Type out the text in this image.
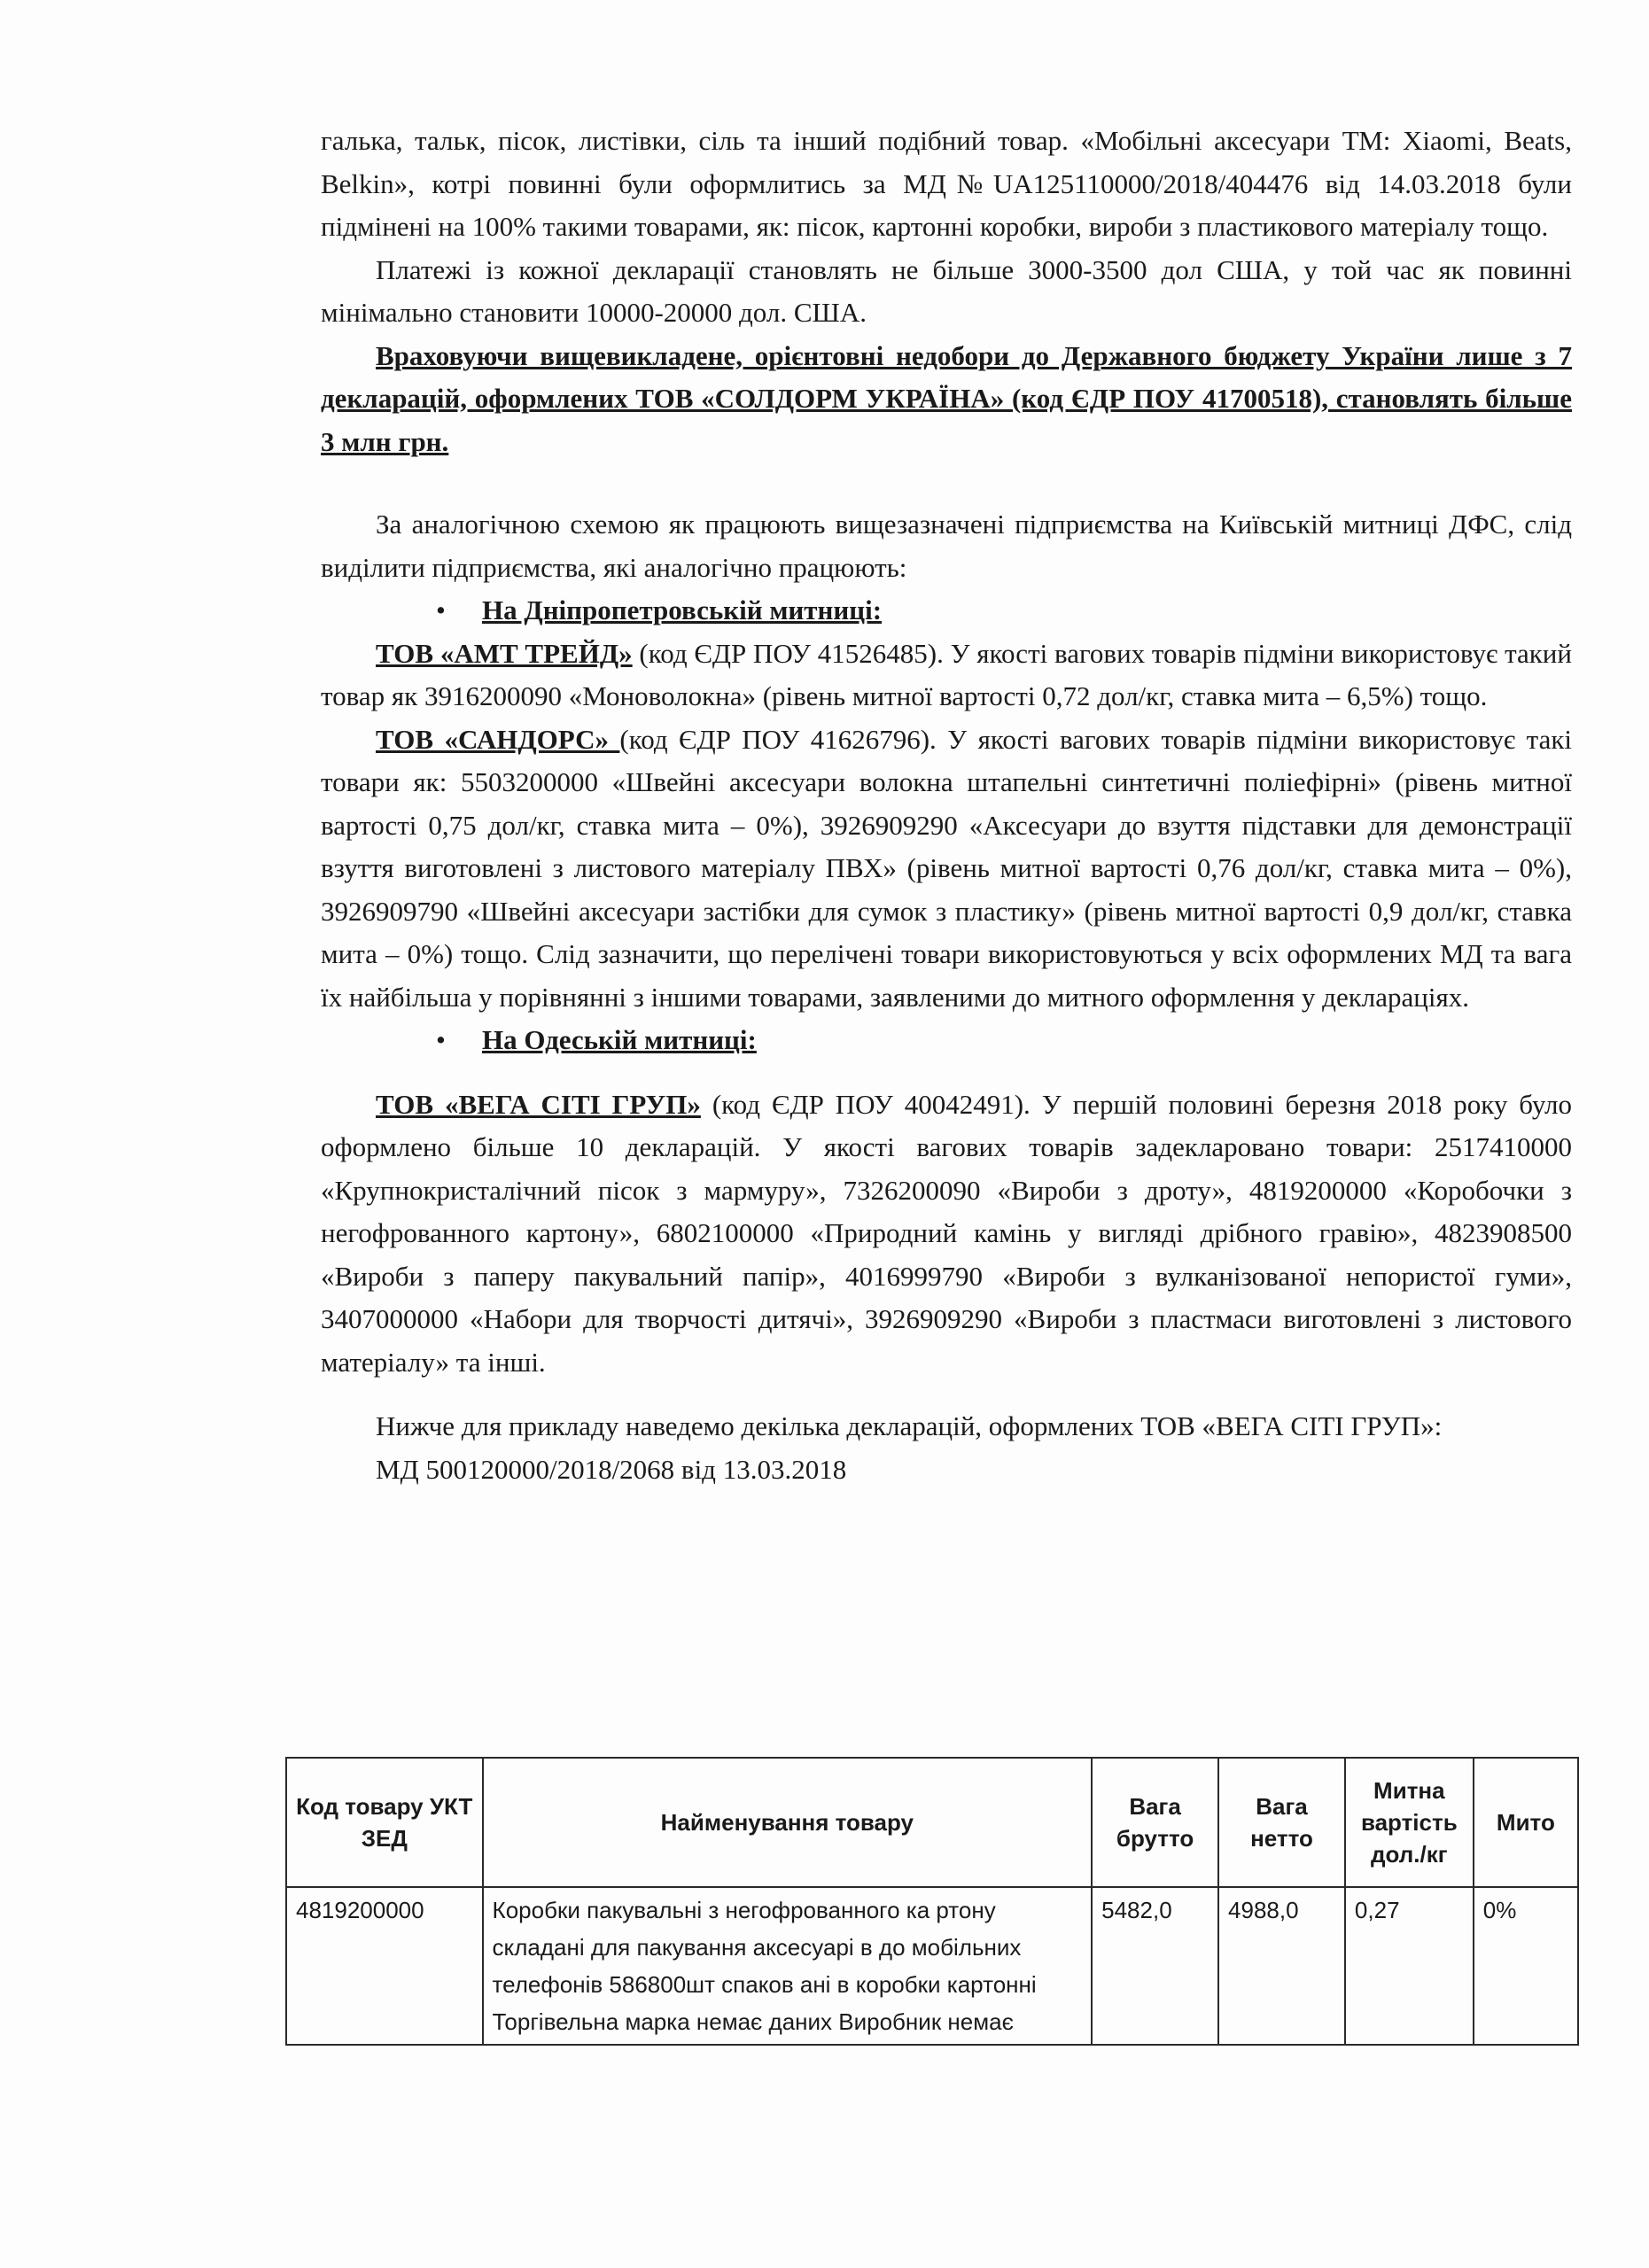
галька, тальк, пісок, листівки, сіль та інший подібний товар. «Мобільні аксесуари ТМ: Xiaomi, Beats, Belkin», котрі повинні були оформлитись за МД№UA125110000/2018/404476 від 14.03.2018 були підмінені на 100% такими товарами, як: пісок, картонні коробки, вироби з пластикового матеріалу тощо.

Платежі із кожної декларації становлять не більше 3000-3500 дол США, у той час як повинні мінімально становити 10000-20000 дол. США.

Враховуючи вищевикладене, орієнтовні недобори до Державного бюджету України лише з 7 декларацій, оформлених ТОВ «СОЛДОРМ УКРАЇНА» (код ЄДР ПОУ 41700518), становлять більше 3 млн грн.

За аналогічною схемою як працюють вищезазначені підприємства на Київській митниці ДФС, слід виділити підприємства, які аналогічно працюють:

•	На Дніпропетровській митниці:

ТОВ «АМТ ТРЕЙД» (код ЄДР ПОУ 41526485). У якості вагових товарів підміни використовує такий товар як 3916200090 «Моноволокна» (рівень митної вартості 0,72 дол/кг, ставка мита – 6,5%) тощо.

ТОВ «САНДОРС» (код ЄДР ПОУ 41626796). У якості вагових товарів підміни використовує такі товари як: 5503200000 «Швейні аксесуари волокна штапельні синтетичні поліефірні» (рівень митної вартості 0,75 дол/кг, ставка мита – 0%), 3926909290 «Аксесуари до взуття підставки для демонстрації взуття виготовлені з листового матеріалу ПВХ» (рівень митної вартості 0,76 дол/кг, ставка мита – 0%), 3926909790 «Швейні аксесуари застібки для сумок з пластику» (рівень митної вартості 0,9 дол/кг, ставка мита – 0%) тощо. Слід зазначити, що перелічені товари використовуються у всіх оформлених МД та вага їх найбільша у порівнянні з іншими товарами, заявленими до митного оформлення у деклараціях.

•	На Одеській митниці:

ТОВ «ВЕГА СІТІ ГРУП» (код ЄДР ПОУ 40042491). У першій половині березня 2018 року було оформлено більше 10 декларацій. У якості вагових товарів задекларовано товари: 2517410000 «Крупнокристалічний пісок з мармуру», 7326200090 «Вироби з дроту», 4819200000 «Коробочки з негофрованного картону», 6802100000 «Природний камінь у вигляді дрібного гравію», 4823908500 «Вироби з паперу пакувальний папір», 4016999790 «Вироби з вулканізованої непористої гуми», 3407000000 «Набори для творчості дитячі», 3926909290 «Вироби з пластмаси виготовлені з листового матеріалу» та інші.

Нижче для прикладу наведемо декілька декларацій, оформлених ТОВ «ВЕГА СІТІ ГРУП»:

МД 500120000/2018/2068 від 13.03.2018

Код товару УКТ ЗЕД	Найменування товару	Вага брутто	Вага нетто	Митна вартість дол./кг	Мито
4819200000	Коробки пакувальні з негофрованного ка ртону складані для пакування аксесуарі в до мобільних телефонів 586800шт спаков ані в коробки картонні Торгівельна марка немає даних Виробник немає	5482,0	4988,0	0,27	0%
